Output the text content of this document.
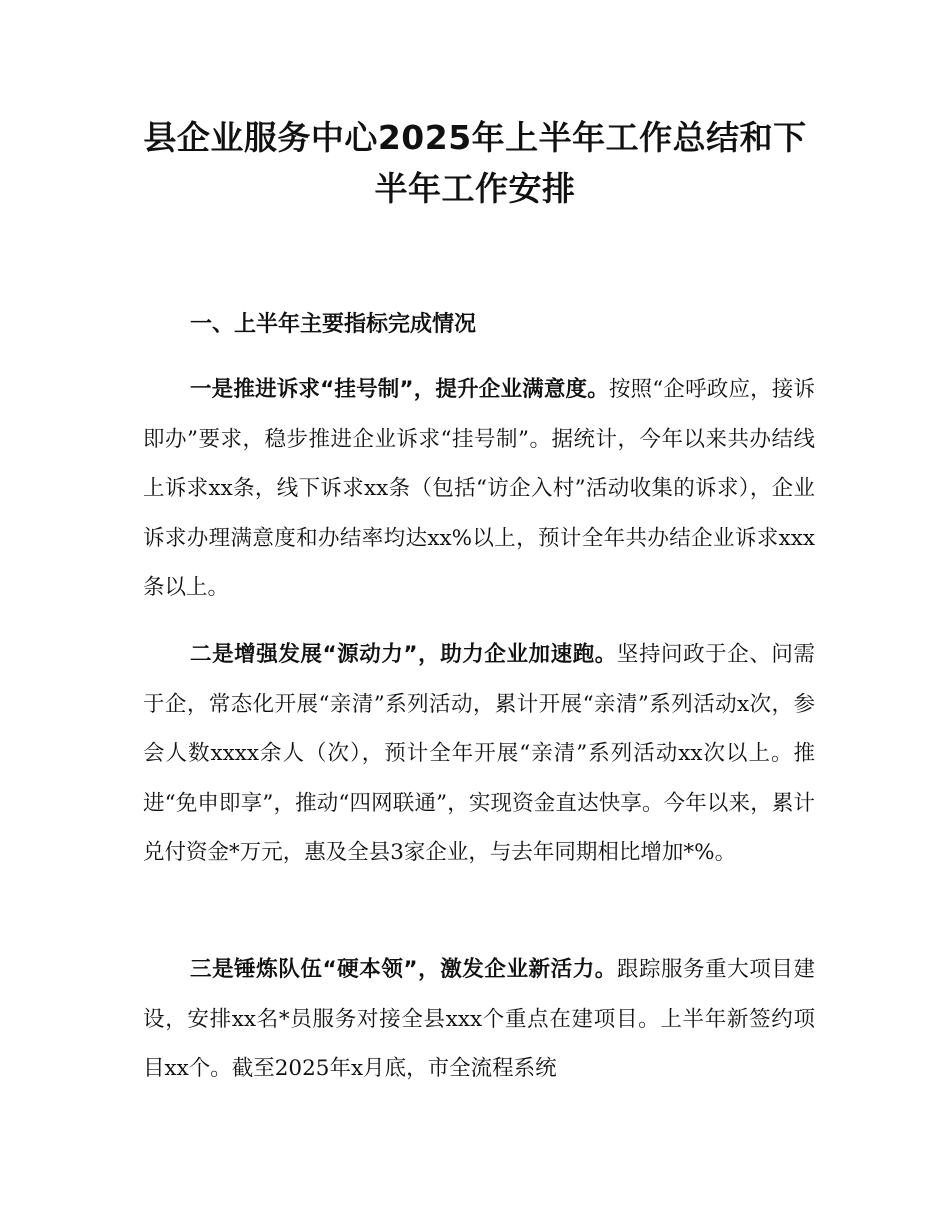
县企业服务中心2025年上半年工作总结和下
半年工作安排
一、上半年主要指标完成情况

一是推进诉求“挂号制”，提升企业满意度。按照“企呼政应，接诉即办”要求，稳步推进企业诉求“挂号制”。据统计，今年以来共办结线上诉求xx条，线下诉求xx条（包括“访企入村”活动收集的诉求），企业诉求办理满意度和办结率均达xx%以上，预计全年共办结企业诉求xxx条以上。

二是增强发展“源动力”，助力企业加速跑。坚持问政于企、问需于企，常态化开展“亲清”系列活动，累计开展“亲清”系列活动x次，参会人数xxxx余人（次），预计全年开展“亲清”系列活动xx次以上。推进“免申即享”，推动“四网联通”，实现资金直达快享。今年以来，累计兑付资金*万元，惠及全县3家企业，与去年同期相比增加*%。

三是锤炼队伍“硬本领”，激发企业新活力。跟踪服务重大项目建设，安排xx名*员服务对接全县xxx个重点在建项目。上半年新签约项目xx个。截至2025年x月底，市全流程系统
